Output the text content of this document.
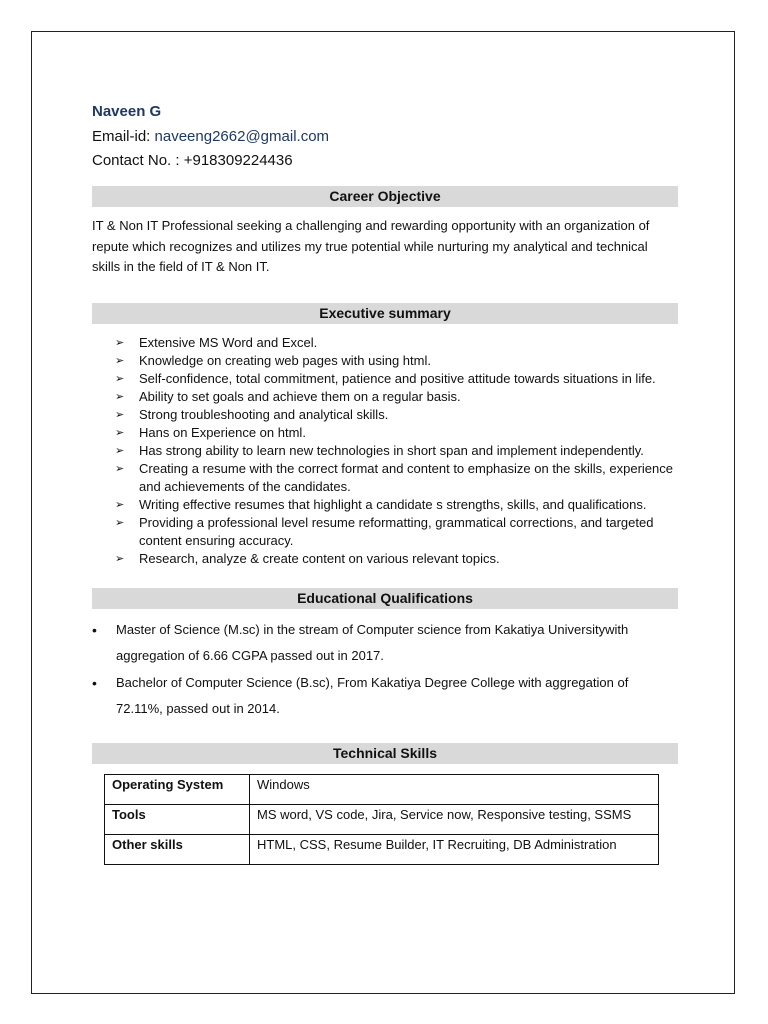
Naveen G

Email-id: naveeng2662@gmail.com

Contact No. : +918309224436

Career Objective

IT & Non IT Professional seeking a challenging and rewarding opportunity with an organization of repute which recognizes and utilizes my true potential while nurturing my analytical and technical skills in the field of IT & Non IT.

Executive summary
➢ Extensive MS Word and Excel.
➢ Knowledge on creating web pages with using html.
➢ Self-confidence, total commitment, patience and positive attitude towards situations in life.
➢ Ability to set goals and achieve them on a regular basis.
➢ Strong troubleshooting and analytical skills.
➢ Hans on Experience on html.
➢ Has strong ability to learn new technologies in short span and implement independently.
➢ Creating a resume with the correct format and content to emphasize on the skills, experience and achievements of the candidates.
➢ Writing effective resumes that highlight a candidate s strengths, skills, and qualifications.
➢ Providing a professional level resume reformatting, grammatical corrections, and targeted content ensuring accuracy.
➢ Research, analyze & create content on various relevant topics.
Educational Qualifications
• Master of Science (M.sc) in the stream of Computer science from Kakatiya Universitywith aggregation of 6.66 CGPA passed out in 2017.
• Bachelor of Computer Science (B.sc), From Kakatiya Degree College with aggregation of 72.11%, passed out in 2014.
Technical Skills
Operating System	Windows
Tools	MS word, VS code, Jira, Service now, Responsive testing, SSMS
Other skills	HTML, CSS, Resume Builder, IT Recruiting, DB Administration
